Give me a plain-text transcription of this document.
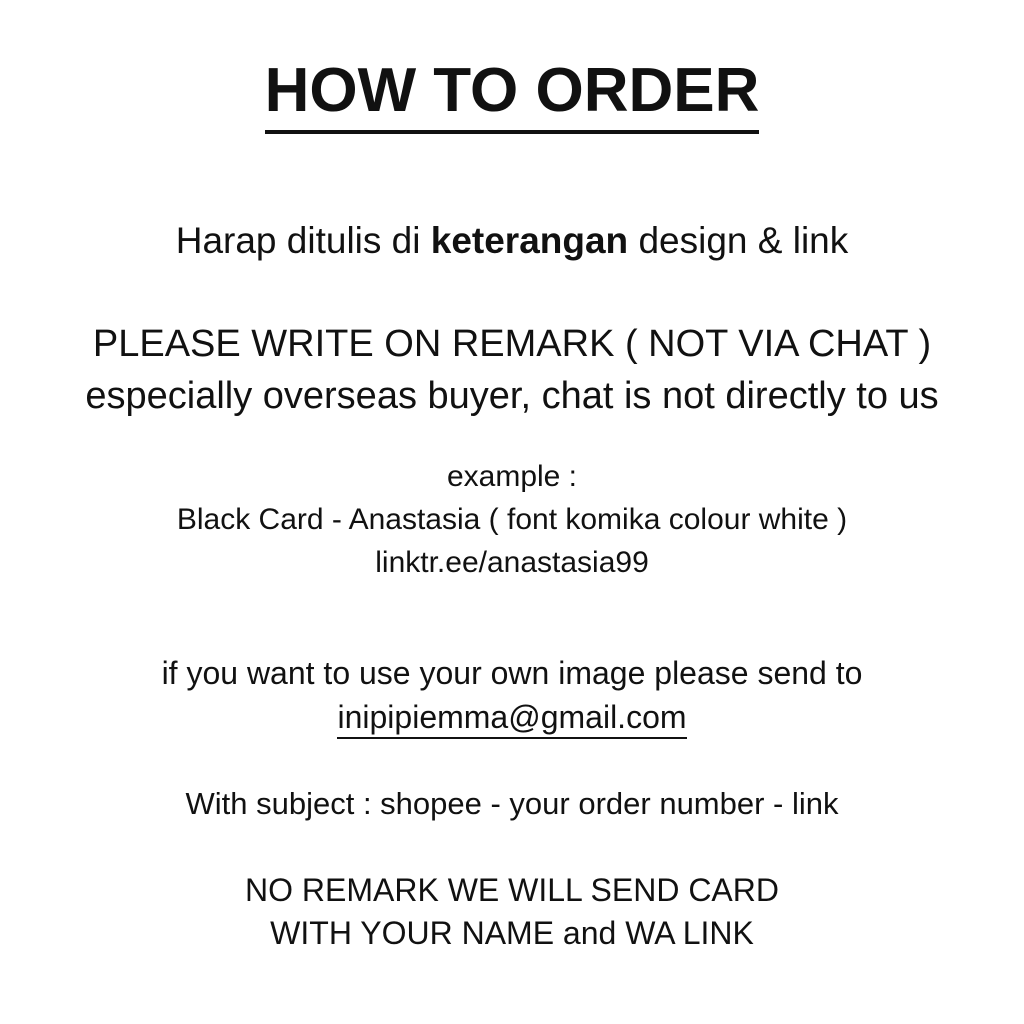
HOW TO ORDER
Harap ditulis di keterangan design & link
PLEASE WRITE ON REMARK ( NOT VIA CHAT )
especially overseas buyer, chat is not directly to us
example :
Black Card - Anastasia ( font komika colour white )
linktr.ee/anastasia99
if you want to use your own image please send to
inipipiemma@gmail.com
With subject : shopee - your order number - link
NO REMARK WE WILL SEND CARD
WITH YOUR NAME and WA LINK
